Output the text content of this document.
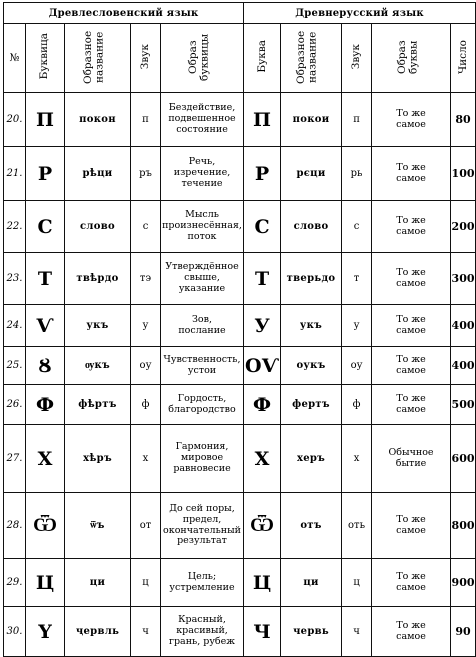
Древлесловенский язык					Древнерусский язык				
№	Буквица	Образное название	Звук	Образ буквицы	Буква	Образное название	Звук	Образ буквы	Число
20.	П	покон	п	Бездействие,
подвешенное
состояние	П	покои	п	То же
самое	80
21.	Р	рѣци	ръ	Речь,
изречение,
течение	Р	рєци	рь	То же
самое	100
22.	С	слово	с	Мысль
произнесённая,
поток	С	слово	с	То же
самое	200
23.	Т	твѣрдо	тэ	Утверждённое
свыше,
указание	Т	тверьдо	т	То же
самое	300
24.	Ѵ	укъ	у	Зов,
послание	У	укъ	у	То же
самое	400
25.	Ȣ	ѹкъ	оу	Чувственность,
устои	ОѴ	оукъ	оу	То же
самое	400
26.	Ф	фѣртъ	ф	Гордость,
благородство	Ф	фертъ	ф	То же
самое	500
27.	Х	хѣръ	х	Гармония,
мировое
равновесие	Х	херъ	х	Обычное
бытие	600
28.	Ѿ	ѿъ	от	До сей поры,
предел,
окончательный
результат	Ѿ	отъ	оть	То же
самое	800
29.	Ц	ци	ц	Цель;
устремление	Ц	ци	ц	То же
самое	900
30.	Ү	ҷервль	ч	Красный,
красивый,
грань, рубеж	Ч	червь	ч	То же
самое	90
